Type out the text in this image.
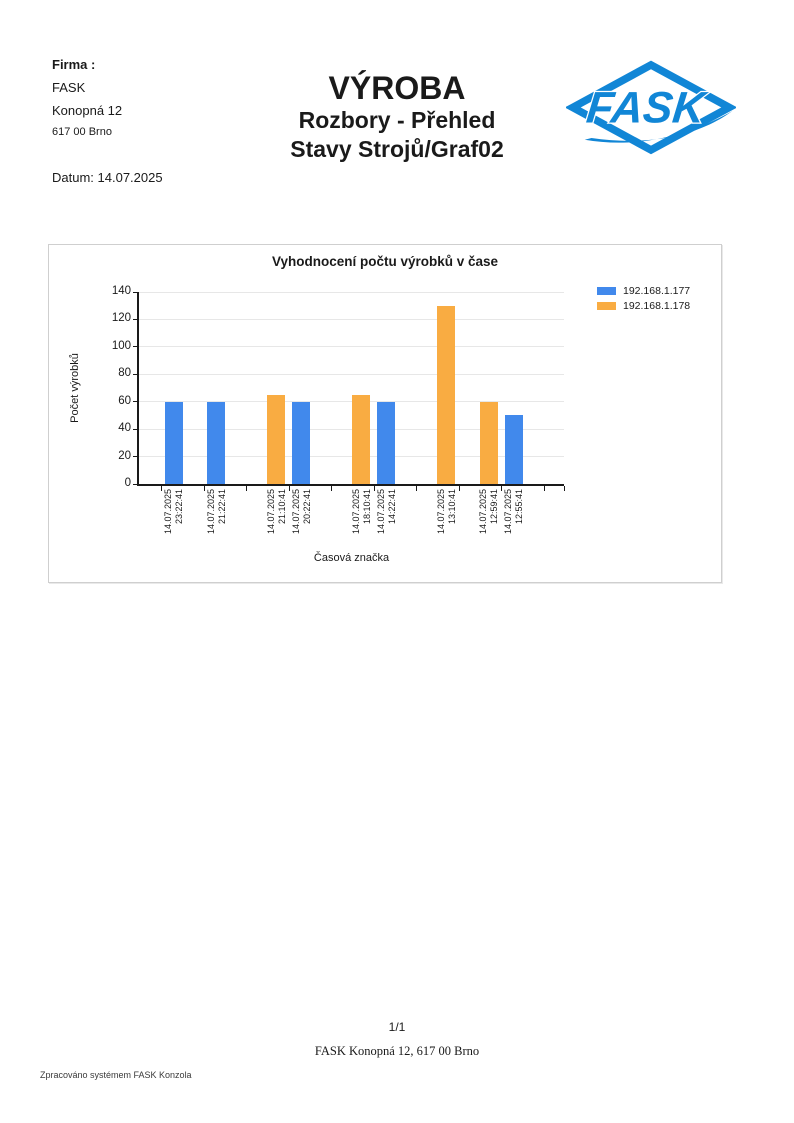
Firma :
FASK
Konopná 12
617 00 Brno
Datum: 14.07.2025
VÝROBA
Rozbory - Přehled
Stavy Strojů/Graf02
FASK
0
20
40
60
80
100
120
140
14.07.2025 23:22:41 14.07.2025 21:22:41	14.07.2025 21:10:41 14.07.2025 20:22:41	14.07.2025 18:10:41 14.07.2025 14:22:41	14.07.2025 13:10:41 14.07.2025 12:59:41 14.07.2025 12:55:41
Vyhodnocení počtu výrobků v čase
Počet výrobků
Časová značka
192.168.1.177
192.168.1.178
1/1
FASK Konopná 12, 617 00 Brno
Zpracováno systémem FASK Konzola
